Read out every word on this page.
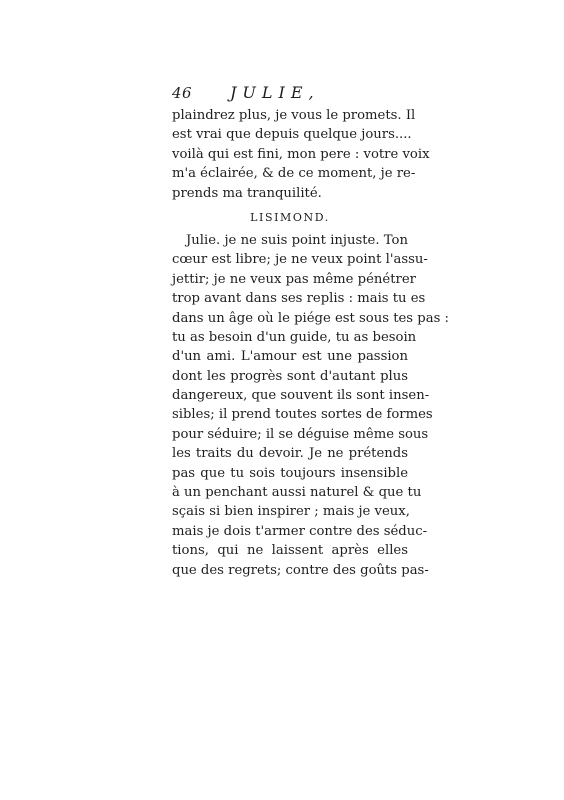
46 JULIE,
plaindrez plus, je vous le promets. Il
est vrai que depuis quelque jours....
voilà qui est fini, mon pere : votre voix
m'a éclairée, & de ce moment, je re-
prends ma tranquilité.
LISIMOND.
Julie. je ne suis point injuste. Ton
cœur est libre; je ne veux point l'assu-
jettir; je ne veux pas même pénétrer
trop avant dans ses replis : mais tu es
dans un âge où le piége est sous tes pas :
tu as besoin d'un guide, tu as besoin
d'un ami. L'amour est une passion
dont les progrès sont d'autant plus
dangereux, que souvent ils sont insen-
sibles; il prend toutes sortes de formes
pour séduire; il se déguise même sous
les traits du devoir. Je ne prétends
pas que tu sois toujours insensible
à un penchant aussi naturel & que tu
sçais si bien inspirer ; mais je veux,
mais je dois t'armer contre des séduc-
tions, qui ne laissent après elles
que des regrets; contre des goûts pas-
